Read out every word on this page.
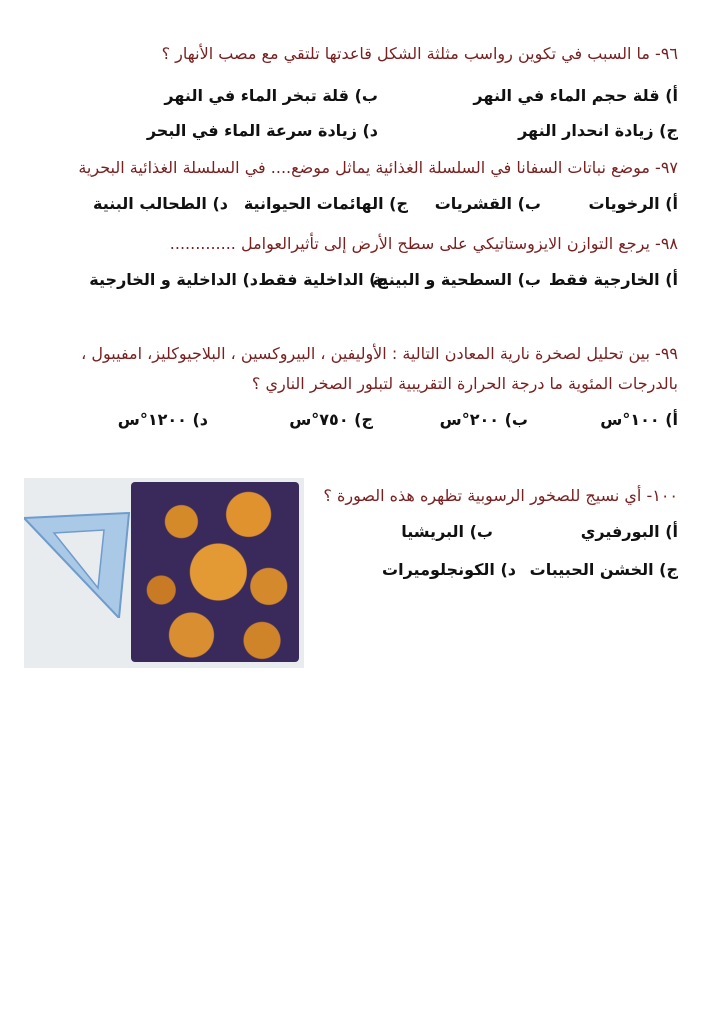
٩٦- ما السبب في تكوين رواسب مثلثة الشكل قاعدتها تلتقي مع مصب الأنهار ؟
أ) قلة حجم الماء في النهر
ب) قلة تبخر الماء في النهر
ج) زيادة انحدار النهر
د) زيادة سرعة الماء في البحر
٩٧- موضع نباتات السفانا في السلسلة الغذائية يماثل موضع.... في السلسلة الغذائية البحرية
أ) الرخويات
ب) القشريات
ج) الهائمات الحيوانية
د) الطحالب البنية
٩٨- يرجع التوازن الايزوستاتيكي على سطح الأرض إلى تأثيرالعوامل .............
أ) الخارجية فقط
ب) السطحية و البينية
ج) الداخلية فقط
د) الداخلية و الخارجية
٩٩- بين تحليل لصخرة نارية المعادن التالية : الأوليفين ، البيروكسين ، البلاجيوكليز، امفيبول ،
بالدرجات المئوية ما درجة الحرارة التقريبية لتبلور الصخر الناري ؟
أ) ١٠٠°س
ب) ٢٠٠°س
ج) ٧٥٠°س
د) ١٢٠٠°س
١٠٠- أي نسيج للصخور الرسوبية تظهره هذه الصورة ؟
أ) البورفيري
ب) البريشيا
ج) الخشن الحبيبات
د) الكونجلوميرات
